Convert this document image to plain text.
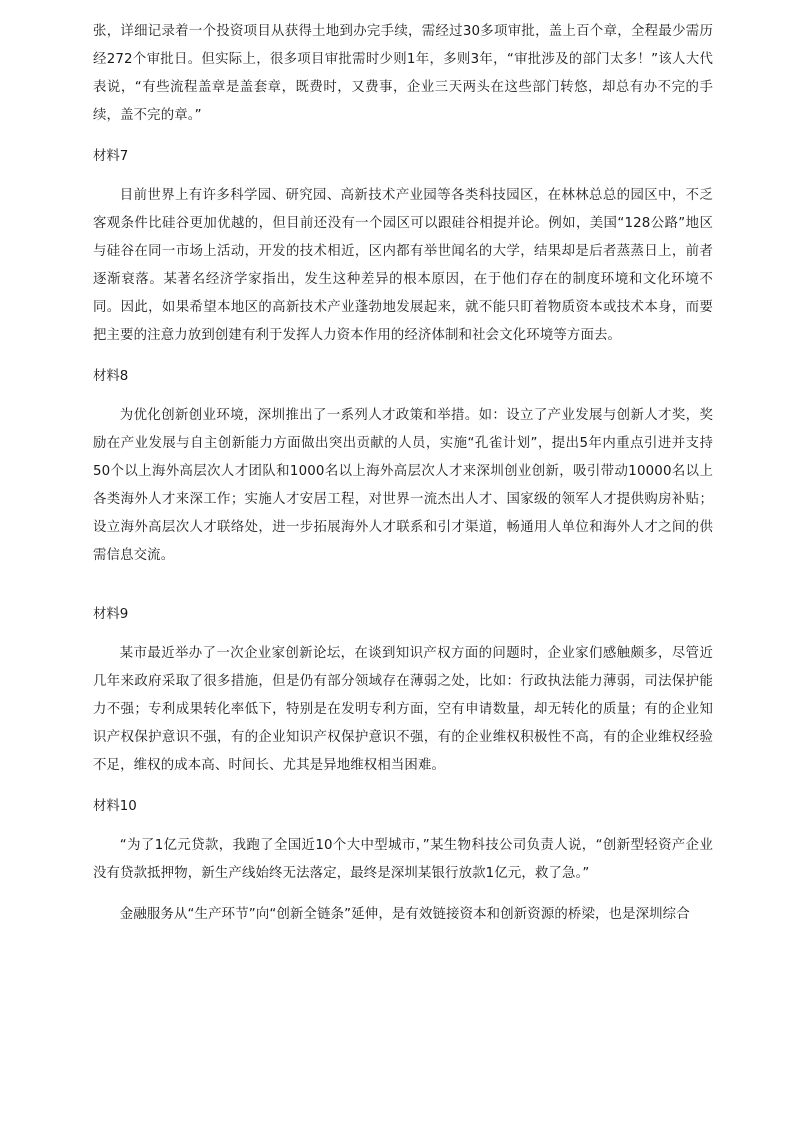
张，详细记录着一个投资项目从获得土地到办完手续，需经过30多项审批，盖上百个章，全程最少需历经272个审批日。但实际上，很多项目审批需时少则1年，多则3年，“审批涉及的部门太多！”该人大代表说，“有些流程盖章是盖套章，既费时，又费事，企业三天两头在这些部门转悠，却总有办不完的手续，盖不完的章。”

材料7

目前世界上有许多科学园、研究园、高新技术产业园等各类科技园区，在林林总总的园区中，不乏客观条件比硅谷更加优越的，但目前还没有一个园区可以跟硅谷相提并论。例如，美国“128公路”地区与硅谷在同一市场上活动，开发的技术相近，区内都有举世闻名的大学，结果却是后者蒸蒸日上，前者逐渐衰落。某著名经济学家指出，发生这种差异的根本原因，在于他们存在的制度环境和文化环境不同。因此，如果希望本地区的高新技术产业蓬勃地发展起来，就不能只盯着物质资本或技术本身，而要把主要的注意力放到创建有利于发挥人力资本作用的经济体制和社会文化环境等方面去。

材料8

为优化创新创业环境，深圳推出了一系列人才政策和举措。如：设立了产业发展与创新人才奖，奖励在产业发展与自主创新能力方面做出突出贡献的人员，实施“孔雀计划”，提出5年内重点引进并支持50个以上海外高层次人才团队和1000名以上海外高层次人才来深圳创业创新，吸引带动10000名以上各类海外人才来深工作；实施人才安居工程，对世界一流杰出人才、国家级的领军人才提供购房补贴；设立海外高层次人才联络处，进一步拓展海外人才联系和引才渠道，畅通用人单位和海外人才之间的供需信息交流。

材料9

某市最近举办了一次企业家创新论坛，在谈到知识产权方面的问题时，企业家们感触颇多，尽管近几年来政府采取了很多措施，但是仍有部分领域存在薄弱之处，比如：行政执法能力薄弱，司法保护能力不强；专利成果转化率低下，特别是在发明专利方面，空有申请数量，却无转化的质量；有的企业知识产权保护意识不强，有的企业知识产权保护意识不强，有的企业维权积极性不高，有的企业维权经验不足，维权的成本高、时间长、尤其是异地维权相当困难。

材料10

“为了1亿元贷款，我跑了全国近10个大中型城市，”某生物科技公司负责人说，“创新型轻资产企业没有贷款抵押物，新生产线始终无法落定，最终是深圳某银行放款1亿元，救了急。”

金融服务从“生产环节”向“创新全链条”延伸，是有效链接资本和创新资源的桥梁，也是深圳综合
